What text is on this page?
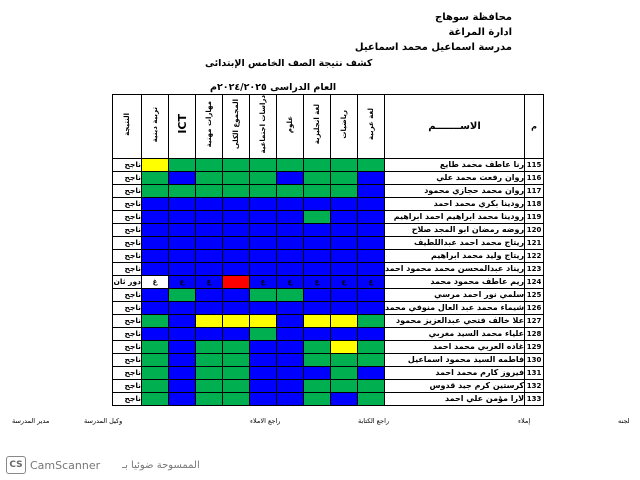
محافظة سوهاج
ادارة المراغة
مدرسة اسماعيل محمد اسماعيل
كشف نتيجة الصف الخامس الإبتدائى
العام الدراسى ٢٠٢٤/٢٠٢٥م
م	الاســـــــم	لغة عربية	رياضيات	لغة انجليزية	علوم	دراسات اجتماعية	المجموع الكلى	مهارات مهنية	ICT	تربية دينية	النتيجة
115	رنا عاطف محمد طايع										ناجح
116	روان رفعت محمد علي										ناجح
117	روان محمد حجازي محمود										ناجح
118	رودينا بكري محمد احمد										ناجح
119	رودينا محمد ابراهيم احمد ابراهيم										ناجح
120	روضه رمضان ابو المجد صلاح										ناجح
121	ريتاج محمد احمد عبداللطيف										ناجح
122	ريتاج وليد محمد ابراهيم										ناجح
123	ريناد عبدالمحسن محمد محمود احمد										ناجح
124	ريم عاطف محمود محمد	غ	غ	غ	غ	غ		غ	غ	غ	دور ثان
125	سلمي نور احمد مرسي										ناجح
126	شيماء محمد عبد العال منوفي محمد										ناجح
127	علا خالف فتحي عبدالعزيز محمود										ناجح
128	علياء محمد السيد مغربي										ناجح
129	غاده العربي محمد احمد										ناجح
130	فاطمه السيد محمود اسماعيل										ناجح
131	فيروز كارم محمد احمد										ناجح
132	كرستين كرم جيد قدوس										ناجح
133	لارا مؤمن علي احمد										ناجح
لجنه
إملاء
راجع الكتابة
راجع الاملاء
وكيل المدرسة
مدير المدرسة
CS CamScanner الممسوحة ضوئيا بـ
